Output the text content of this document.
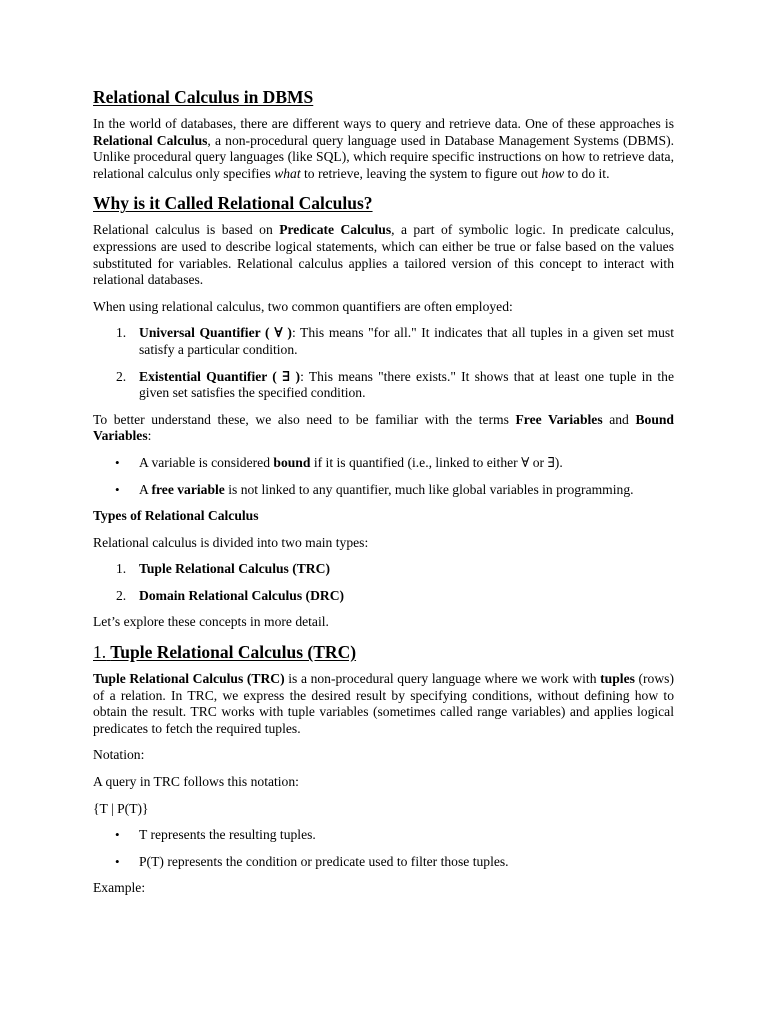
Relational Calculus in DBMS

In the world of databases, there are different ways to query and retrieve data. One of these approaches is Relational Calculus, a non-procedural query language used in Database Management Systems (DBMS). Unlike procedural query languages (like SQL), which require specific instructions on how to retrieve data, relational calculus only specifies what to retrieve, leaving the system to figure out how to do it.

Why is it Called Relational Calculus?

Relational calculus is based on Predicate Calculus, a part of symbolic logic. In predicate calculus, expressions are used to describe logical statements, which can either be true or false based on the values substituted for variables. Relational calculus applies a tailored version of this concept to interact with relational databases.

When using relational calculus, two common quantifiers are often employed:

1. Universal Quantifier ( ∀ ): This means "for all." It indicates that all tuples in a given set must satisfy a particular condition.
2. Existential Quantifier ( ∃ ): This means "there exists." It shows that at least one tuple in the given set satisfies the specified condition.

To better understand these, we also need to be familiar with the terms Free Variables and Bound Variables:

• A variable is considered bound if it is quantified (i.e., linked to either ∀ or ∃).
• A free variable is not linked to any quantifier, much like global variables in programming.

Types of Relational Calculus

Relational calculus is divided into two main types:

1. Tuple Relational Calculus (TRC)
2. Domain Relational Calculus (DRC)

Let’s explore these concepts in more detail.

1. Tuple Relational Calculus (TRC)

Tuple Relational Calculus (TRC) is a non-procedural query language where we work with tuples (rows) of a relation. In TRC, we express the desired result by specifying conditions, without defining how to obtain the result. TRC works with tuple variables (sometimes called range variables) and applies logical predicates to fetch the required tuples.

Notation:

A query in TRC follows this notation:

{T | P(T)}

• T represents the resulting tuples.
• P(T) represents the condition or predicate used to filter those tuples.

Example:
